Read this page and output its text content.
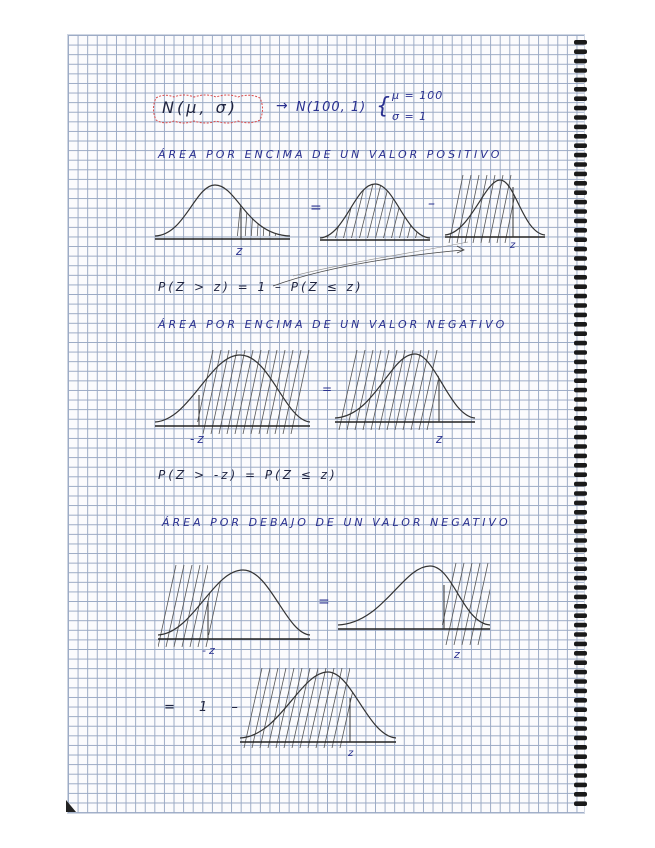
N(μ, σ)	→ N(100, 1) { μ = 100
σ = 1
ÁREA POR ENCIMA DE UN VALOR POSITIVO
z
=	–
z
P(Z > z) = 1 – P(Z ≤ z)
ÁREA POR ENCIMA DE UN VALOR NEGATIVO
-z
=
z
P(Z > -z) = P(Z ≤ z)
ÁREA POR DEBAJO DE UN VALOR NEGATIVO
-z
=
z
= 1 –
z
